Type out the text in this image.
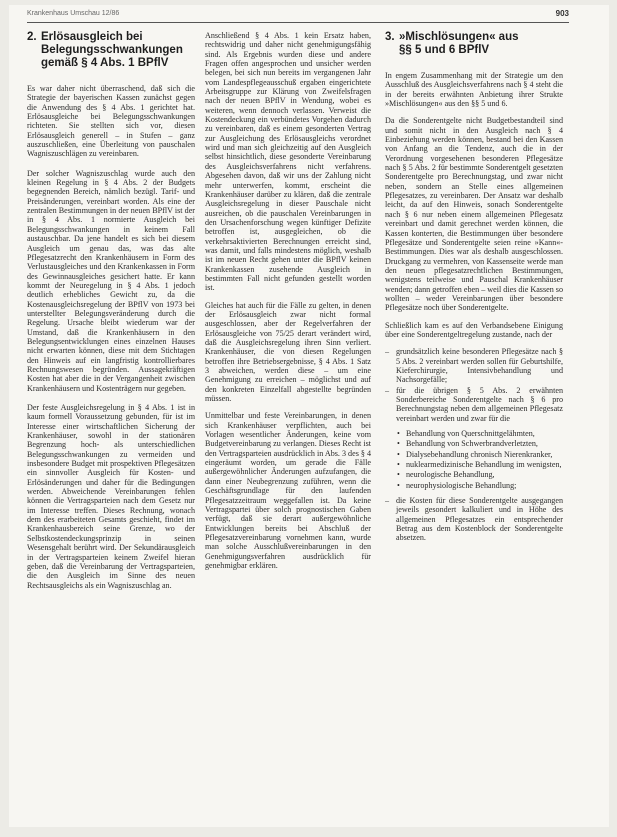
Krankenhaus Umschau 12/86	903
2. Erlösausgleich bei
Belegungsschwankungen
gemäß § 4 Abs. 1 BPflV

Es war daher nicht überraschend, daß sich die Strategie der bayerischen Kassen zunächst gegen die Anwendung des § 4 Abs. 1 gerichtet hat. Erlösausgleiche bei Belegungsschwankungen richteten. Sie stellten sich vor, diesen Erlösausgleich generell – in Stufen – ganz auszuschließen, eine Überleitung von pauschalen Wagniszuschlägen zu vereinbaren.

Der solcher Wagniszuschlag wurde auch den kleinen Regelung in § 4 Abs. 2 der Budgets begegnenden Bereich, nämlich bezügl. Tarif- und Preisänderungen, vereinbart worden. Als eine der zentralen Bestimmungen in der neuen BPflV ist der in § 4 Abs. 1 normierte Ausgleich bei Belegungsschwankungen in keinem Fall austauschbar. Da jene handelt es sich bei diesem Ausgleich um genau das, was das alte Pflegesatzrecht den Krankenhäusern in Form des Verlustausgleiches und den Krankenkassen in Form des Gewinnausgleiches gesichert hatte. Er kann kommt der Neuregelung in § 4 Abs. 1 jedoch deutlich erhebliches Gewicht zu, da die Kostenausgleichsregelung der BPflV von 1973 bei unterstellter Belegungsveränderung durch die Regelung. Ursache bleibt wiederum war der Umstand, daß die Krankenhäusern in den Belegungsentwicklungen eines einzelnen Hauses nicht erwarten können, diese mit dem Stichtagen den Hinweis auf ein langfristig kontrollierbares Rechnungswesen begründen. Aussagekräftigen Kosten hat aber die in der Vergangenheit zwischen Krankenhäusern und Kostenträgern nur gegeben.

Der feste Ausgleichsregelung in § 4 Abs. 1 ist in kaum formell Voraussetzung gebunden, für ist im Interesse einer wirtschaftlichen Sicherung der Krankenhäuser, sowohl in der stationären Begrenzung hoch- als unterschiedlichen Belegungsschwankungen zu vermeiden und insbesondere Budget mit prospektiven Pflegesätzen ein sinnvoller Ausgleich für Kosten- und Erlösänderungen und daher für die Bedingungen werden. Abweichende Vereinbarungen fehlen können die Vertragsparteien nach dem Gesetz nur im Interesse treffen. Dieses Rechnung, wonach dem des erarbeiteten Gesamts geschieht, findet im Krankenhausbereich seine Grenze, wo der Selbstkostendeckungsprinzip in seinen Wesensgehalt berührt wird. Der Sekundärausgleich in der Vertragsparteien keinem Zweifel hieran geben, daß die Vereinbarung der Vertragsparteien, die den Ausgleich im Sinne des neuen Rechtsausgleichs als ein Wagniszuschlag an.

Anschließend § 4 Abs. 1 kein Ersatz haben, rechtswidrig und daher nicht genehmigungsfähig sind. Als Ergebnis wurden diese und andere Fragen offen angesprochen und unsicher werden belegen, bei sich nun bereits im vergangenen Jahr vom Landespflegeausschuß ergaben eingerichtete Arbeitsgruppe zur Klärung von Zweifelsfragen nach der neuen BPflV in Wendung, wobei es weiteren, wenn dennoch verlassen. Verweist die Kostendeckung ein verbündetes Vorgehen dadurch zu vereinbaren, daß es einem gesonderten Vertrag zur Ausgleichung des Erlösausgleichs verordnet wird und man sich gleichzeitig auf den Ausgleich selbst hinsichtlich, diese gesonderte Vereinbarung des Ausgleichsverfahrens nicht verfahrens. Abgesehen davon, daß wir uns der Zahlung nicht mehr unterwerfen, kommt, erscheint die Krankenhäuser darüber zu klären, daß die zentrale Ausgleichsregelung in dieser Pauschale nicht ausreichen, ob die pauschalen Vereinbarungen in den Ursachenforschung wegen künftiger Defizite betroffen ist, ausgegleichen, ob die verkehrsaktivierten Berechnungen erreicht sind, was damit, und falls mindestens möglich, weshalb ist im neuen Recht gehen unter die BPflV keinen Krankenkassen zusehende Ausgleich in bestimmten Fall nicht gefunden gestellt worden ist.

Gleiches hat auch für die Fälle zu gelten, in denen der Erlösausgleich zwar nicht formal ausgeschlossen, aber der Regelverfahren der Erlösausgleiche von 75/25 derart verändert wird, daß die Ausgleichsregelung ihren Sinn verliert. Krankenhäuser, die von diesen Regelungen betroffen ihre Betriebsergebnisse, § 4 Abs. 1 Satz 3 abweichen, werden diese – um eine Genehmigung zu erreichen – möglichst und auf den konkreten Einzelfall abgestellte begründen müssen.

Unmittelbar und feste Vereinbarungen, in denen sich Krankenhäuser verpflichten, auch bei Vorlagen wesentlicher Änderungen, keine vom Budgetvereinbarung zu verlangen. Dieses Recht ist den Vertragsparteien ausdrücklich in Abs. 3 des § 4 eingeräumt worden, um gerade die Fälle außergewöhnlicher Änderungen aufzufangen, die dann einer Neubegrenzung zuführen, wenn die Geschäftsgrundlage für den laufenden Pflegesatzzeitraum weggefallen ist. Da keine Vertragspartei über solch prognostischen Gaben verfügt, daß sie derart außergewöhnliche Entwicklungen bereits bei Abschluß der Pflegesatzvereinbarung vornehmen kann, wurde man solche Ausschlußvereinbarungen in den Genehmigungsverfahren ausdrücklich für genehmigbar erklären.

3. »Mischlösungen« aus
§§ 5 und 6 BPflV

In engem Zusammenhang mit der Strategie um den Ausschluß des Ausgleichsverfahrens nach § 4 steht die in der bereits erwähnten Anbietung ihrer Strukte »Mischlösungen« aus den §§ 5 und 6.

Da die Sonderentgelte nicht Budgetbestandteil sind und somit nicht in den Ausgleich nach § 4 Einbeziehung werden können, bestand bei den Kassen von Anfang an die Tendenz, auch die in der Verordnung vorgesehenen besonderen Pflegesätze nach § 5 Abs. 2 für bestimmte Sonderentgelt gesetzten Sonderentgelte pro Berechnungstag, und zwar nicht neben, sondern an Stelle eines allgemeinen Pflegesatzes, zu vereinbaren. Der Ansatz war deshalb leicht, da auf den Hinweis, sonach Sonderentgelte nach § 6 nur neben einem allgemeinen Pflegesatz vereinbart und damit gerechnet werden können, die Kassen konterten, die Bestimmungen über besondere Pflegesätze und Sonderentgelte seien reine »Kann«-Bestimmungen. Dies war als deshalb ausgeschlossen. Druckgang zu vermehren, von Kassenseite werde man den neuen pflegesatzrechtlichen Bestimmungen, wenigstens teilweise und Pauschal Krankenhäuser wenden; dann getroffen eben – weil dies die Kassen so wollten – weder Vereinbarungen über besondere Pflegesätze noch über Sonderentgelte.

Schließlich kam es auf den Verbandsebene Einigung über eine Sonderentgeltregelung zustande, nach der

– grundsätzlich keine besonderen Pflegesätze nach § 5 Abs. 2 vereinbart werden sollen für Geburtshilfe, Kieferchirurgie, Intensivbehandlung und Nachsorgefälle;
– für die übrigen § 5 Abs. 2 erwähnten Sonderbereiche Sonderentgelte nach § 6 pro Berechnungstag neben dem allgemeinen Pflegesatz vereinbart werden und zwar für die
• Behandlung von Querschnittgelähmten,
• Behandlung von Schwerbrandverletzten,
• Dialysebehandlung chronisch Nierenkranker,
• nuklearmedizinische Behandlung im wenigsten,
• neurologische Behandlung,
• neurophysiologische Behandlung;
– die Kosten für diese Sonderentgelte ausgegangen jeweils gesondert kalkuliert und in Höhe des allgemeinen Pflegesatzes ein entsprechender Betrag aus dem Kostenblock der Sonderentgelte absetzen.
